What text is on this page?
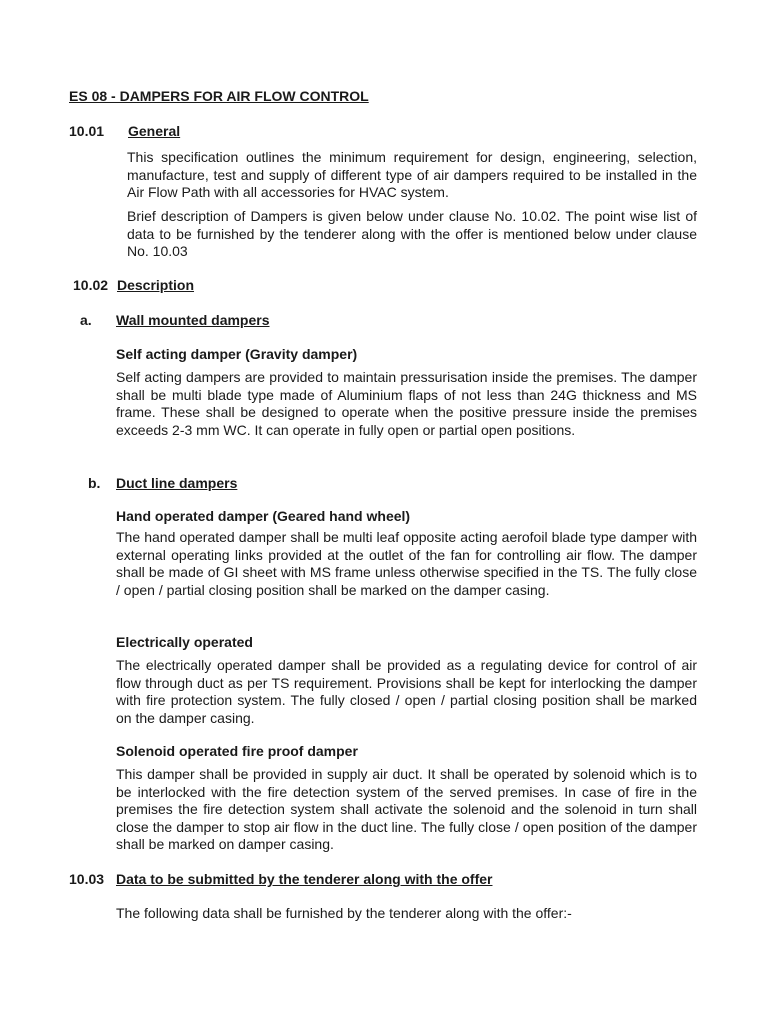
ES 08 - DAMPERS FOR AIR FLOW CONTROL
10.01 General
This specification outlines the minimum requirement for design, engineering, selection, manufacture, test and supply of different type of air dampers required to be installed in the Air Flow Path with all accessories for HVAC system.
Brief description of Dampers is given below under clause No. 10.02. The point wise list of data to be furnished by the tenderer along with the offer is mentioned below under clause No. 10.03
10.02 Description
a. Wall mounted dampers
Self acting damper (Gravity damper)
Self acting dampers are provided to maintain pressurisation inside the premises. The damper shall be multi blade type made of Aluminium flaps of not less than 24G thickness and MS frame. These shall be designed to operate when the positive pressure inside the premises exceeds 2-3 mm WC. It can operate in fully open or partial open positions.
b. Duct line dampers
Hand operated damper (Geared hand wheel)
The hand operated damper shall be multi leaf opposite acting aerofoil blade type damper with external operating links provided at the outlet of the fan for controlling air flow. The damper shall be made of GI sheet with MS frame unless otherwise specified in the TS. The fully close / open / partial closing position shall be marked on the damper casing.
Electrically operated
The electrically operated damper shall be provided as a regulating device for control of air flow through duct as per TS requirement. Provisions shall be kept for interlocking the damper with fire protection system. The fully closed / open / partial closing position shall be marked on the damper casing.
Solenoid operated fire proof damper
This damper shall be provided in supply air duct. It shall be operated by solenoid which is to be interlocked with the fire detection system of the served premises. In case of fire in the premises the fire detection system shall activate the solenoid and the solenoid in turn shall close the damper to stop air flow in the duct line. The fully close / open position of the damper shall be marked on damper casing.
10.03 Data to be submitted by the tenderer along with the offer
The following data shall be furnished by the tenderer along with the offer:-
